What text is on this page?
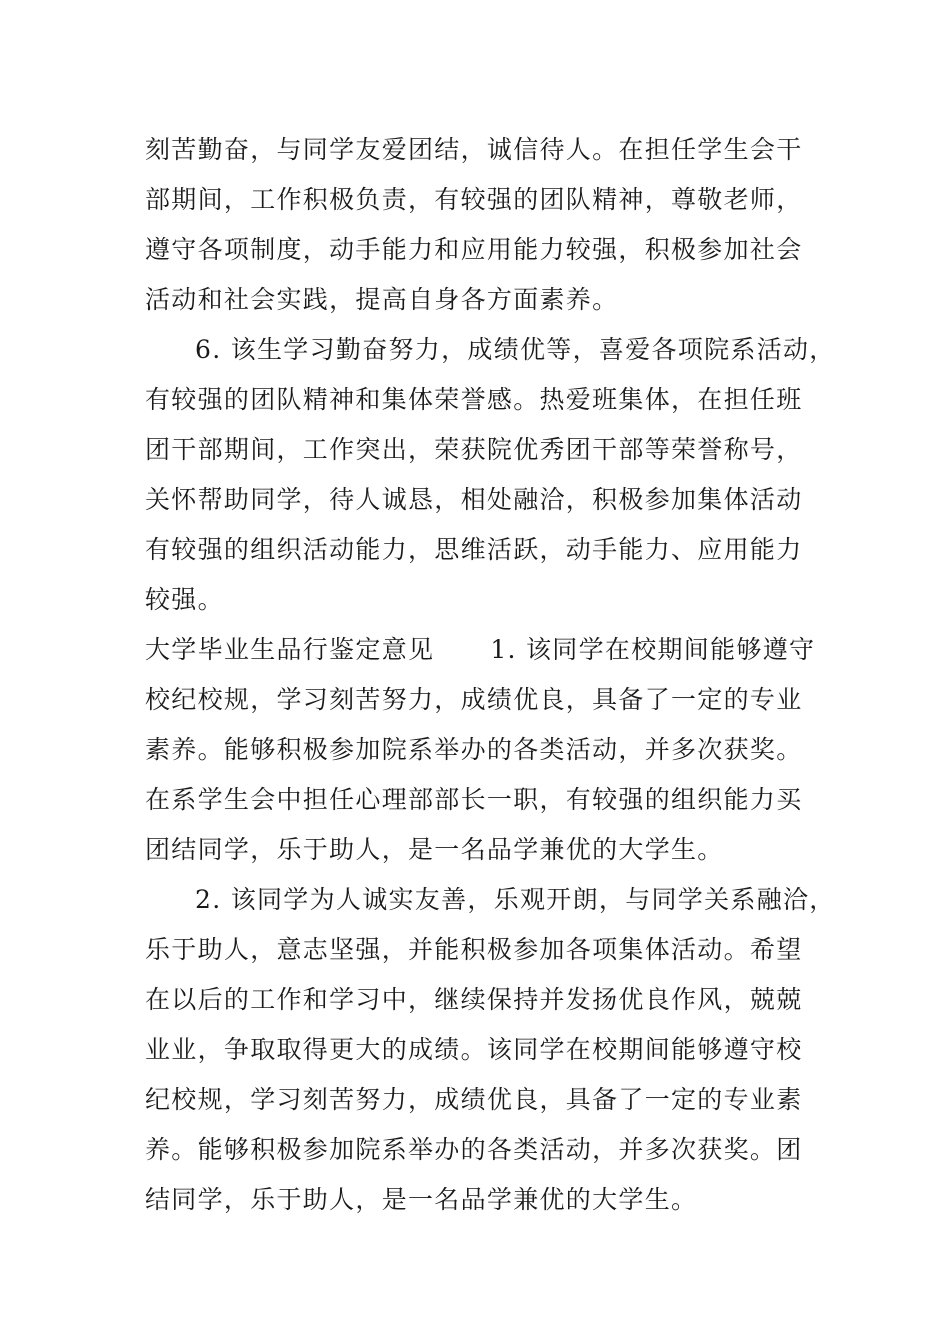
刻苦勤奋，与同学友爱团结，诚信待人。在担任学生会干
部期间，工作积极负责，有较强的团队精神，尊敬老师，
遵守各项制度，动手能力和应用能力较强，积极参加社会
活动和社会实践，提高自身各方面素养。
6. 该生学习勤奋努力，成绩优等，喜爱各项院系活动，
有较强的团队精神和集体荣誉感。热爱班集体，在担任班
团干部期间，工作突出，荣获院优秀团干部等荣誉称号，
关怀帮助同学，待人诚恳，相处融洽，积极参加集体活动
有较强的组织活动能力，思维活跃，动手能力、应用能力
较强。
大学毕业生品行鉴定意见 1. 该同学在校期间能够遵守
校纪校规，学习刻苦努力，成绩优良，具备了一定的专业
素养。能够积极参加院系举办的各类活动，并多次获奖。
在系学生会中担任心理部部长一职，有较强的组织能力买
团结同学，乐于助人，是一名品学兼优的大学生。
2. 该同学为人诚实友善，乐观开朗，与同学关系融洽，
乐于助人，意志坚强，并能积极参加各项集体活动。希望
在以后的工作和学习中，继续保持并发扬优良作风，兢兢
业业，争取取得更大的成绩。该同学在校期间能够遵守校
纪校规，学习刻苦努力，成绩优良，具备了一定的专业素
养。能够积极参加院系举办的各类活动，并多次获奖。团
结同学，乐于助人，是一名品学兼优的大学生。
